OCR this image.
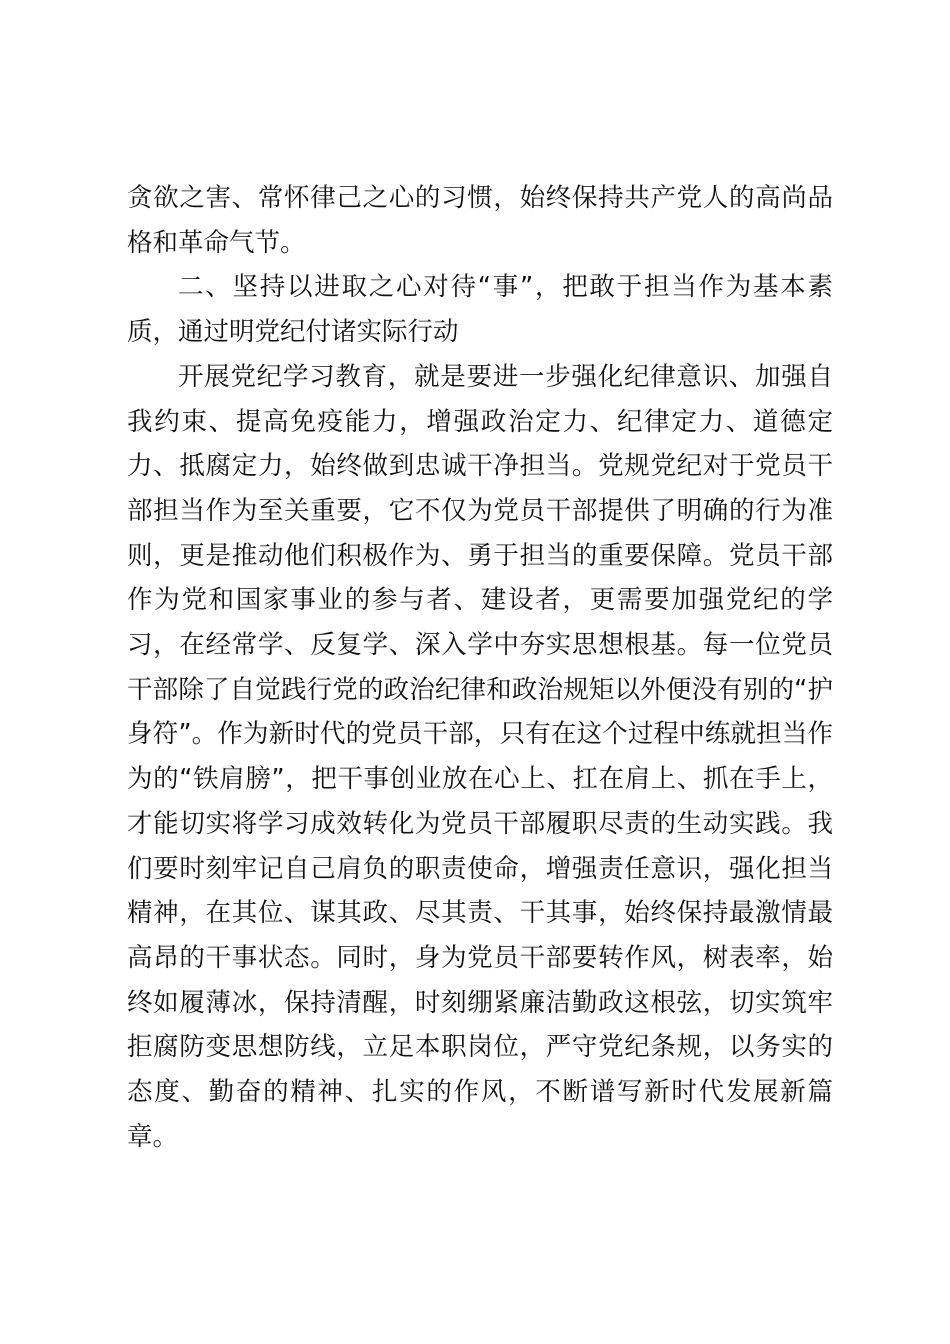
贪欲之害、常怀律己之心的习惯，始终保持共产党人的高尚品格和革命气节。

二、坚持以进取之心对待“事”，把敢于担当作为基本素质，通过明党纪付诸实际行动

开展党纪学习教育，就是要进一步强化纪律意识、加强自我约束、提高免疫能力，增强政治定力、纪律定力、道德定力、抵腐定力，始终做到忠诚干净担当。党规党纪对于党员干部担当作为至关重要，它不仅为党员干部提供了明确的行为准则，更是推动他们积极作为、勇于担当的重要保障。党员干部作为党和国家事业的参与者、建设者，更需要加强党纪的学习，在经常学、反复学、深入学中夯实思想根基。每一位党员干部除了自觉践行党的政治纪律和政治规矩以外便没有别的“护身符”。作为新时代的党员干部，只有在这个过程中练就担当作为的“铁肩膀”，把干事创业放在心上、扛在肩上、抓在手上，才能切实将学习成效转化为党员干部履职尽责的生动实践。我们要时刻牢记自己肩负的职责使命，增强责任意识，强化担当精神，在其位、谋其政、尽其责、干其事，始终保持最激情最高昂的干事状态。同时，身为党员干部要转作风，树表率，始终如履薄冰，保持清醒，时刻绷紧廉洁勤政这根弦，切实筑牢拒腐防变思想防线，立足本职岗位，严守党纪条规，以务实的态度、勤奋的精神、扎实的作风，不断谱写新时代发展新篇章。
